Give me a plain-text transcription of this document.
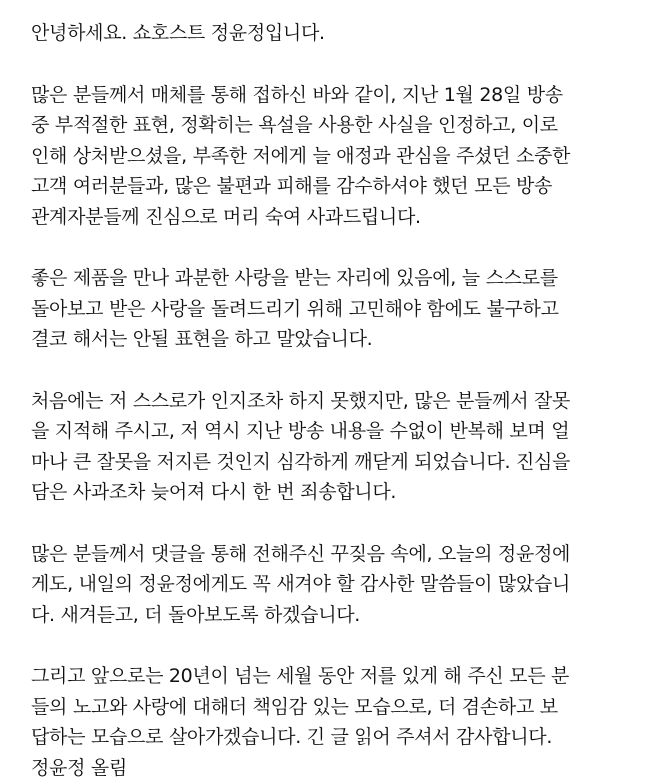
안녕하세요. 쇼호스트 정윤정입니다.
많은 분들께서 매체를 통해 접하신 바와 같이, 지난 1월 28일 방송
중 부적절한 표현, 정확히는 욕설을 사용한 사실을 인정하고, 이로
인해 상처받으셨을, 부족한 저에게 늘 애정과 관심을 주셨던 소중한
고객 여러분들과, 많은 불편과 피해를 감수하셔야 했던 모든 방송
관계자분들께 진심으로 머리 숙여 사과드립니다.
좋은 제품을 만나 과분한 사랑을 받는 자리에 있음에, 늘 스스로를
돌아보고 받은 사랑을 돌려드리기 위해 고민해야 함에도 불구하고
결코 해서는 안될 표현을 하고 말았습니다.
처음에는 저 스스로가 인지조차 하지 못했지만, 많은 분들께서 잘못
을 지적해 주시고, 저 역시 지난 방송 내용을 수없이 반복해 보며 얼
마나 큰 잘못을 저지른 것인지 심각하게 깨닫게 되었습니다. 진심을
담은 사과조차 늦어져 다시 한 번 죄송합니다.
많은 분들께서 댓글을 통해 전해주신 꾸짖음 속에, 오늘의 정윤정에
게도, 내일의 정윤정에게도 꼭 새겨야 할 감사한 말씀들이 많았습니
다. 새겨듣고, 더 돌아보도록 하겠습니다.
그리고 앞으로는 20년이 넘는 세월 동안 저를 있게 해 주신 모든 분
들의 노고와 사랑에 대해더 책임감 있는 모습으로, 더 겸손하고 보
답하는 모습으로 살아가겠습니다. 긴 글 읽어 주셔서 감사합니다.
정윤정 올림
